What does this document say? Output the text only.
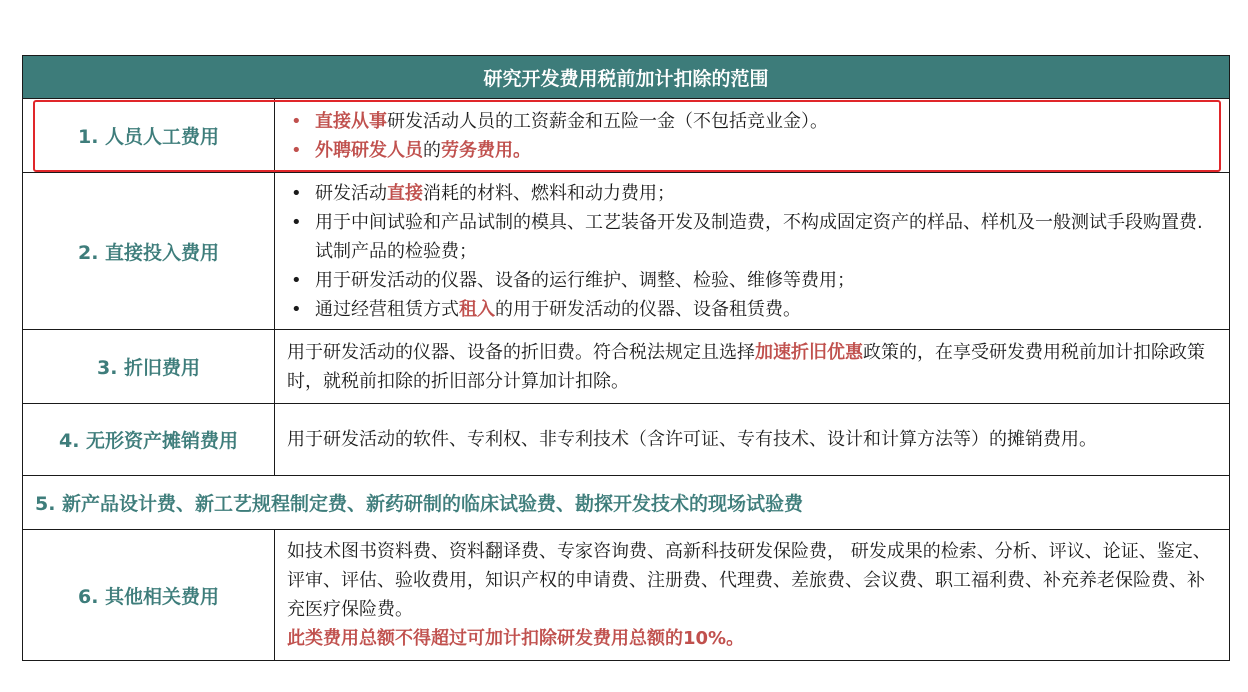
研究开发费用税前加计扣除的范围
1. 人员人工费用
• 直接从事研发活动人员的工资薪金和五险一金（不包括竞业金）。
• 外聘研发人员的劳务费用。
2. 直接投入费用
• 研发活动直接消耗的材料、燃料和动力费用；
• 用于中间试验和产品试制的模具、工艺装备开发及制造费，不构成固定资产的样品、样机及一般测试手段购置费. 试制产品的检验费；
• 用于研发活动的仪器、设备的运行维护、调整、检验、维修等费用；
• 通过经营租赁方式租入的用于研发活动的仪器、设备租赁费。
3. 折旧费用
用于研发活动的仪器、设备的折旧费。符合税法规定且选择加速折旧优惠政策的，在享受研发费用税前加计扣除政策时，就税前扣除的折旧部分计算加计扣除。
4. 无形资产摊销费用	用于研发活动的软件、专利权、非专利技术（含许可证、专有技术、设计和计算方法等）的摊销费用。
5. 新产品设计费、新工艺规程制定费、新药研制的临床试验费、勘探开发技术的现场试验费
6. 其他相关费用
如技术图书资料费、资料翻译费、专家咨询费、高新科技研发保险费， 研发成果的检索、分析、评议、论证、鉴定、评审、评估、验收费用，知识产权的申请费、注册费、代理费、差旅费、会议费、职工福利费、补充养老保险费、补充医疗保险费。
此类费用总额不得超过可加计扣除研发费用总额的10%。
